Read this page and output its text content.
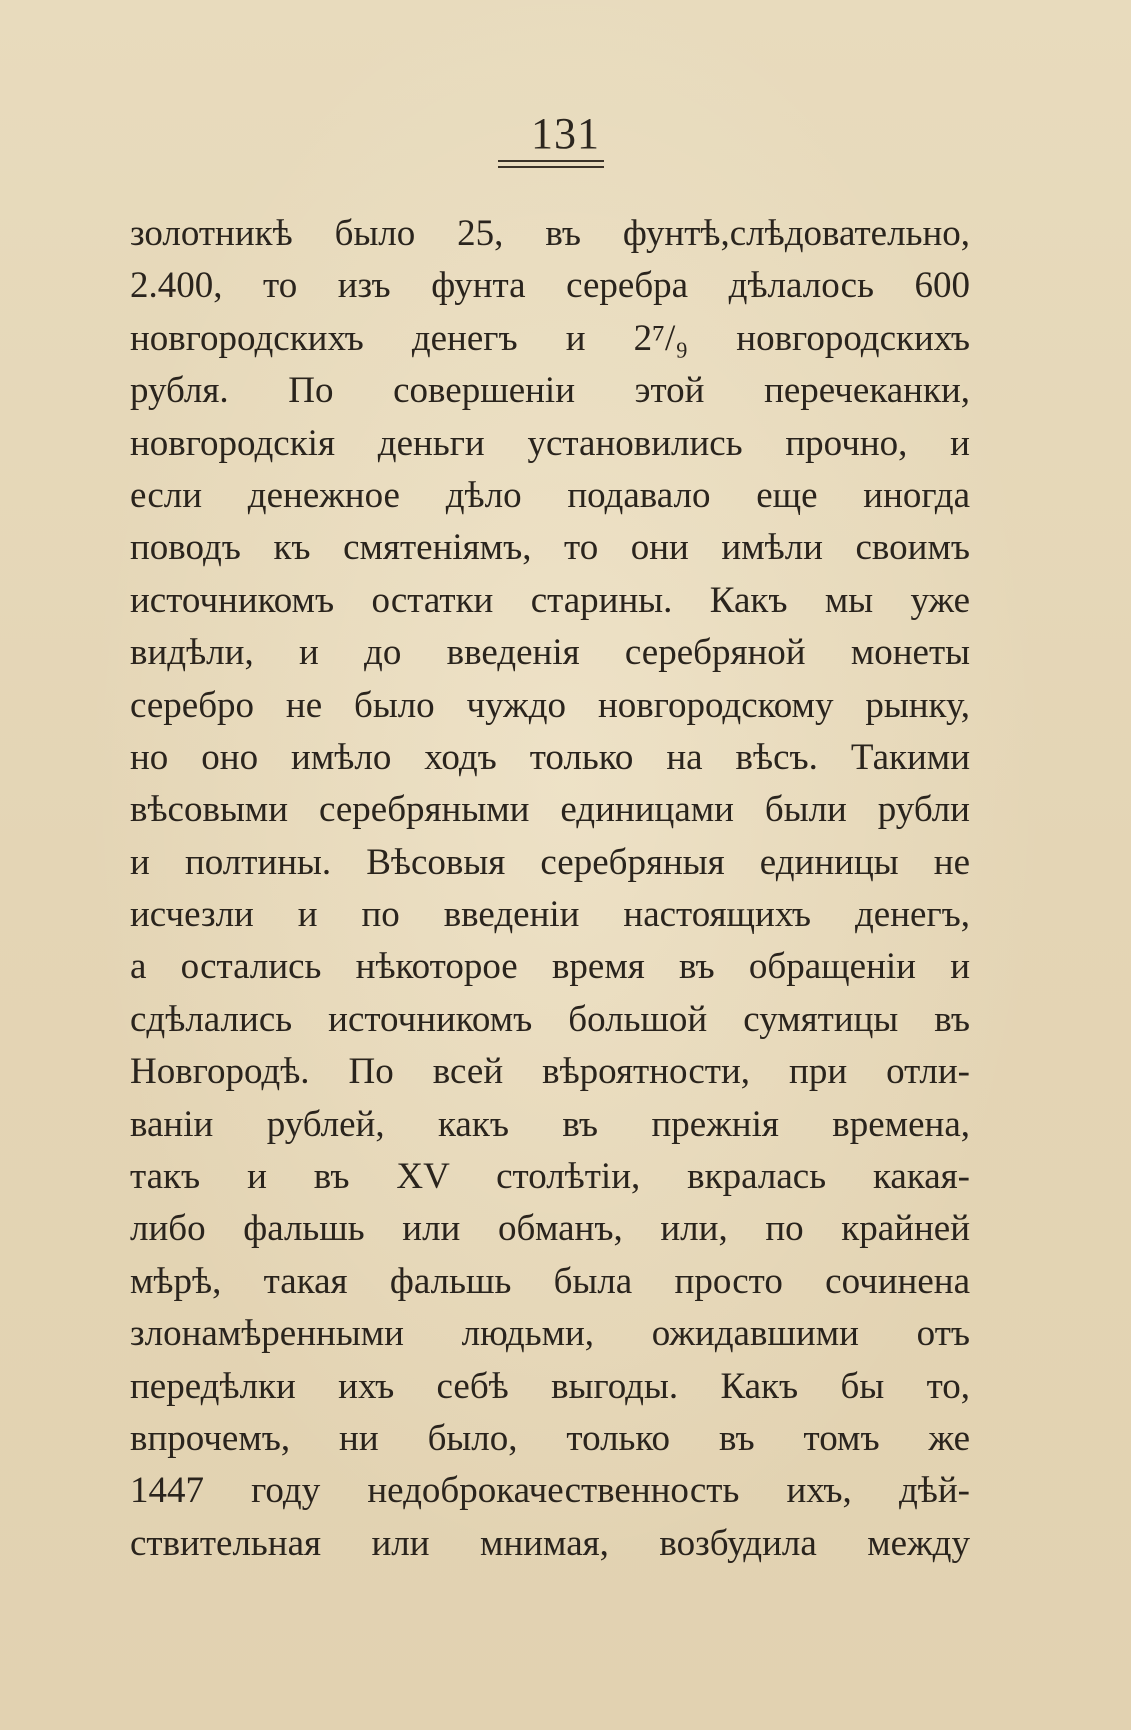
131
золотникѣ было 25, въ фунтѣ,слѣдовательно,
2.400, то изъ фунта серебра дѣлалось 600
новгородскихъ денегъ и 2⁷/₉ новгородскихъ
рубля. По совершеніи этой перечеканки,
новгородскія деньги установились прочно, и
если денежное дѣло подавало еще иногда
поводъ къ смятеніямъ, то они имѣли своимъ
источникомъ остатки старины. Какъ мы уже
видѣли, и до введенія серебряной монеты
серебро не было чуждо новгородскому рынку,
но оно имѣло ходъ только на вѣсъ. Такими
вѣсовыми серебряными единицами были рубли
и полтины. Вѣсовыя серебряныя единицы не
исчезли и по введеніи настоящихъ денегъ,
а остались нѣкоторое время въ обращеніи и
сдѣлались источникомъ большой сумятицы въ
Новгородѣ. По всей вѣроятности, при отли-
ваніи рублей, какъ въ прежнія времена,
такъ и въ XV столѣтіи, вкралась какая-
либо фальшь или обманъ, или, по крайней
мѣрѣ, такая фальшь была просто сочинена
злонамѣренными людьми, ожидавшими отъ
передѣлки ихъ себѣ выгоды. Какъ бы то,
впрочемъ, ни было, только въ томъ же
1447 году недоброкачественность ихъ, дѣй-
ствительная или мнимая, возбудила между
